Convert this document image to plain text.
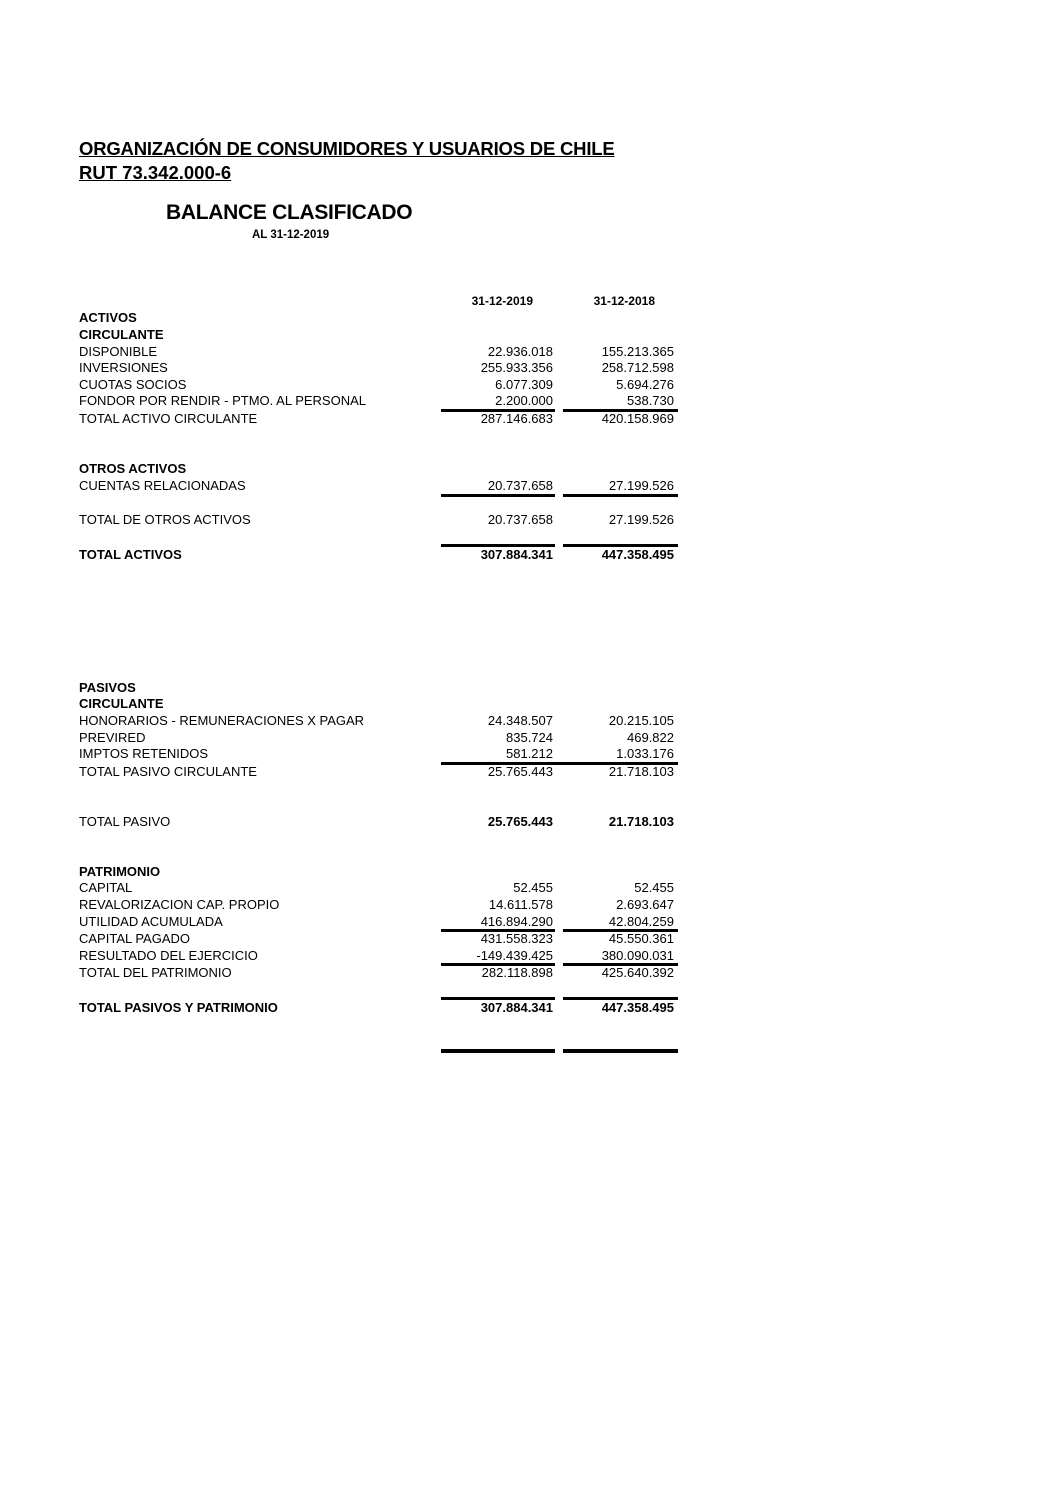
ORGANIZACIÓN DE CONSUMIDORES Y USUARIOS DE CHILE
RUT 73.342.000-6
BALANCE CLASIFICADO
AL 31-12-2019
31-12-2019	31-12-2018
ACTIVOS
CIRCULANTE
DISPONIBLE	22.936.018	155.213.365
INVERSIONES	255.933.356	258.712.598
CUOTAS SOCIOS	6.077.309	5.694.276
FONDOR POR RENDIR - PTMO. AL PERSONAL	2.200.000	538.730
TOTAL ACTIVO CIRCULANTE	287.146.683	420.158.969
OTROS ACTIVOS
CUENTAS RELACIONADAS	20.737.658	27.199.526
TOTAL DE OTROS ACTIVOS	20.737.658	27.199.526
TOTAL ACTIVOS	307.884.341	447.358.495
PASIVOS
CIRCULANTE
HONORARIOS - REMUNERACIONES X PAGAR	24.348.507	20.215.105
PREVIRED	835.724	469.822
IMPTOS RETENIDOS	581.212	1.033.176
TOTAL PASIVO CIRCULANTE	25.765.443	21.718.103
TOTAL PASIVO	25.765.443	21.718.103
PATRIMONIO
CAPITAL	52.455	52.455
REVALORIZACION CAP. PROPIO	14.611.578	2.693.647
UTILIDAD ACUMULADA	416.894.290	42.804.259
CAPITAL PAGADO	431.558.323	45.550.361
RESULTADO DEL EJERCICIO	-149.439.425	380.090.031
TOTAL DEL PATRIMONIO	282.118.898	425.640.392
TOTAL PASIVOS Y PATRIMONIO	307.884.341	447.358.495
